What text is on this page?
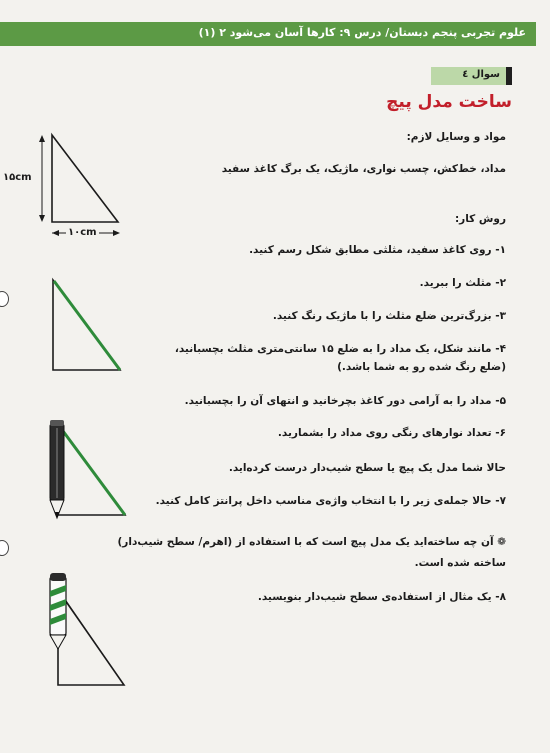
علوم تجربی پنجم دبستان/ درس ۹: کارها آسان می‌شود ۲ (۱)
سوال ٤
ساخت مدل پیچ
مواد و وسایل لازم:
مداد، خط‌کش، چسب نواری، ماژیک، یک برگ کاغذ سفید
روش کار:
۱- روی کاغذ سفید، مثلثی مطابق شکل رسم کنید.
۲- مثلث را ببرید.
۳- بزرگ‌ترین ضلع مثلث را با ماژیک رنگ کنید.
۴- مانند شکل، یک مداد را به ضلع ۱۵ سانتی‌متری مثلث بچسبانید،
(ضلع رنگ شده رو به شما باشد.)
۵- مداد را به آرامی دور کاغذ بچرخانید و انتهای آن را بچسبانید.
۶- تعداد نوارهای رنگی روی مداد را بشمارید.
حالا شما مدل یک پیچ یا سطح شیب‌دار درست کرده‌اید.
۷- حالا جمله‌ی زیر را با انتخاب واژه‌ی مناسب داخل پرانتز کامل کنید.
❁ آن چه ساخته‌اید یک مدل پیچ است که با استفاده از (اهرم/ سطح شیب‌دار)
ساخته شده است.
۸- یک مثال از استفاده‌ی سطح شیب‌دار بنویسید.
۱۵cm
۱۰cm
